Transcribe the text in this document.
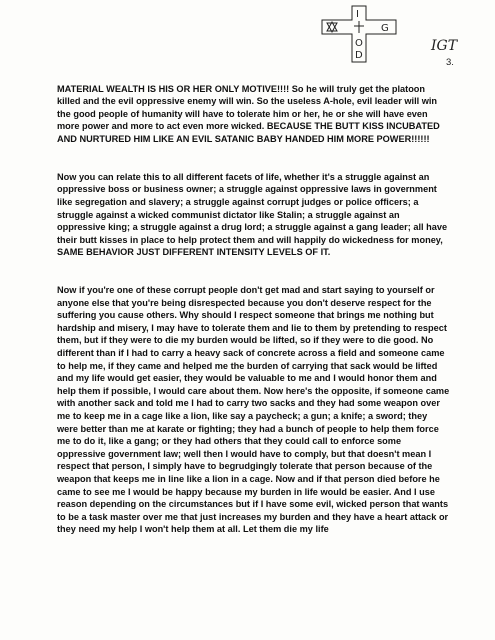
I
G
O
D
IGT
3.

MATERIAL WEALTH IS HIS OR HER ONLY MOTIVE!!!! So he will truly get the platoon killed and the evil oppressive enemy will win. So the useless A-hole, evil leader will win the good people of humanity will have to tolerate him or her, he or she will have even more power and more to act even more wicked. BECAUSE THE BUTT KISS INCUBATED AND NURTURED HIM LIKE AN EVIL SATANIC BABY HANDED HIM MORE POWER!!!!!!

Now you can relate this to all different facets of life, whether it's a struggle against an oppressive boss or business owner; a struggle against oppressive laws in government like segregation and slavery; a struggle against corrupt judges or police officers; a struggle against a wicked communist dictator like Stalin; a struggle against an oppressive king; a struggle against a drug lord; a struggle against a gang leader; all have their butt kisses in place to help protect them and will happily do wickedness for money, SAME BEHAVIOR JUST DIFFERENT INTENSITY LEVELS OF IT.

Now if you're one of these corrupt people don't get mad and start saying to yourself or anyone else that you're being disrespected because you don't deserve respect for the suffering you cause others. Why should I respect someone that brings me nothing but hardship and misery, I may have to tolerate them and lie to them by pretending to respect them, but if they were to die my burden would be lifted, so if they were to die good. No different than if I had to carry a heavy sack of concrete across a field and someone came to help me, if they came and helped me the burden of carrying that sack would be lifted and my life would get easier, they would be valuable to me and I would honor them and help them if possible, I would care about them. Now here's the opposite, if someone came with another sack and told me I had to carry two sacks and they had some weapon over me to keep me in a cage like a lion, like say a paycheck; a gun; a knife; a sword; they were better than me at karate or fighting; they had a bunch of people to help them force me to do it, like a gang; or they had others that they could call to enforce some oppressive government law; well then I would have to comply, but that doesn't mean I respect that person, I simply have to begrudgingly tolerate that person because of the weapon that keeps me in line like a lion in a cage. Now and if that person died before he came to see me I would be happy because my burden in life would be easier. And I use reason depending on the circumstances but if I have some evil, wicked person that wants to be a task master over me that just increases my burden and they have a heart attack or they need my help I won't help them at all. Let them die my life
